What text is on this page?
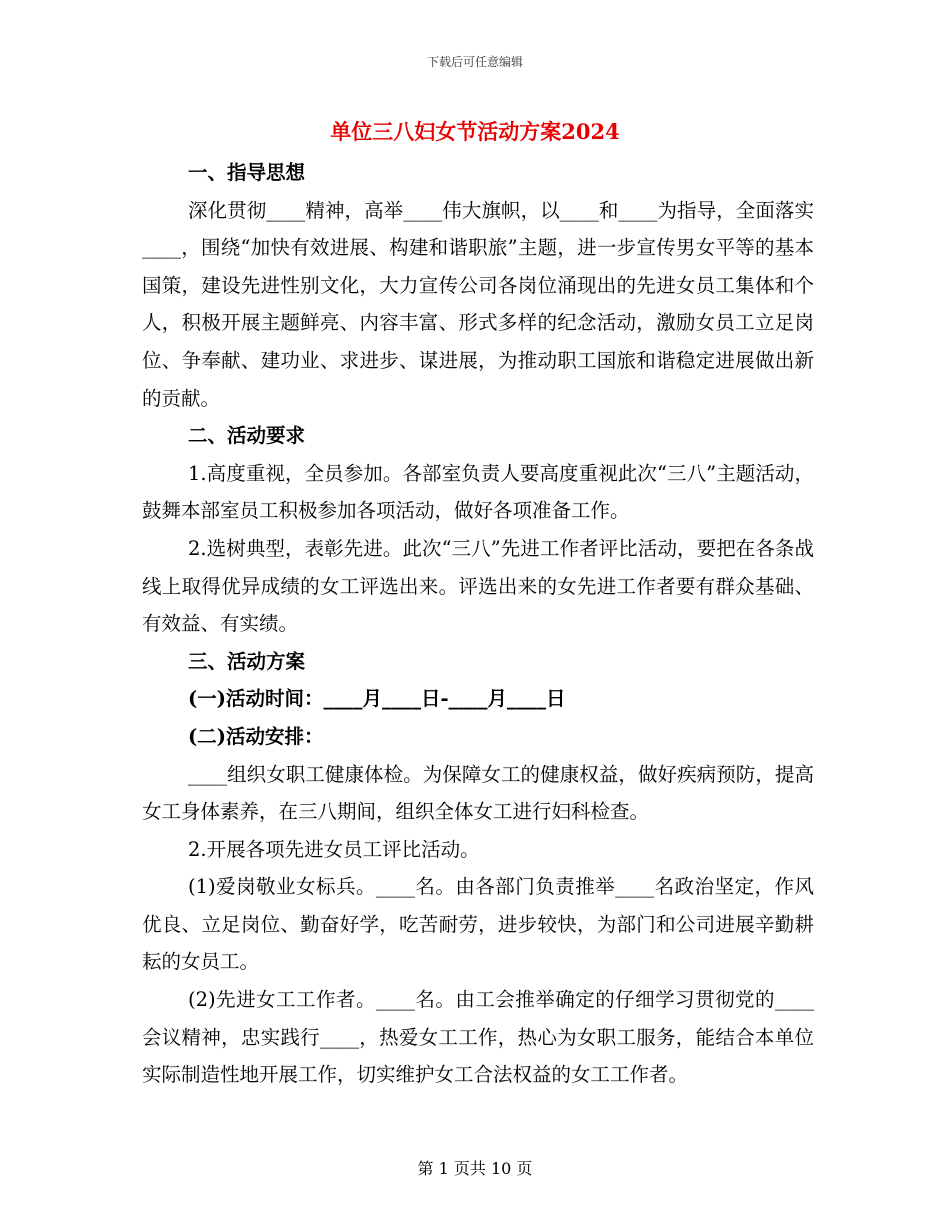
下载后可任意编辑
单位三八妇女节活动方案2024

一、指导思想

深化贯彻____精神，高举____伟大旗帜，以____和____为指导，全面落实____，围绕“加快有效进展、构建和谐职旅”主题，进一步宣传男女平等的基本国策，建设先进性别文化，大力宣传公司各岗位涌现出的先进女员工集体和个人，积极开展主题鲜亮、内容丰富、形式多样的纪念活动，激励女员工立足岗位、争奉献、建功业、求进步、谋进展，为推动职工国旅和谐稳定进展做出新的贡献。

二、活动要求

1.高度重视，全员参加。各部室负责人要高度重视此次“三八”主题活动，鼓舞本部室员工积极参加各项活动，做好各项准备工作。

2.选树典型，表彰先进。此次“三八”先进工作者评比活动，要把在各条战线上取得优异成绩的女工评选出来。评选出来的女先进工作者要有群众基础、有效益、有实绩。

三、活动方案

(一)活动时间：____月____日-____月____日

(二)活动安排：

____组织女职工健康体检。为保障女工的健康权益，做好疾病预防，提高女工身体素养，在三八期间，组织全体女工进行妇科检查。

2.开展各项先进女员工评比活动。

(1)爱岗敬业女标兵。____名。由各部门负责推举____名政治坚定，作风优良、立足岗位、勤奋好学，吃苦耐劳，进步较快，为部门和公司进展辛勤耕耘的女员工。

(2)先进女工工作者。____名。由工会推举确定的仔细学习贯彻党的____会议精神，忠实践行____，热爱女工工作，热心为女职工服务，能结合本单位实际制造性地开展工作，切实维护女工合法权益的女工工作者。

第 1 页共 10 页
